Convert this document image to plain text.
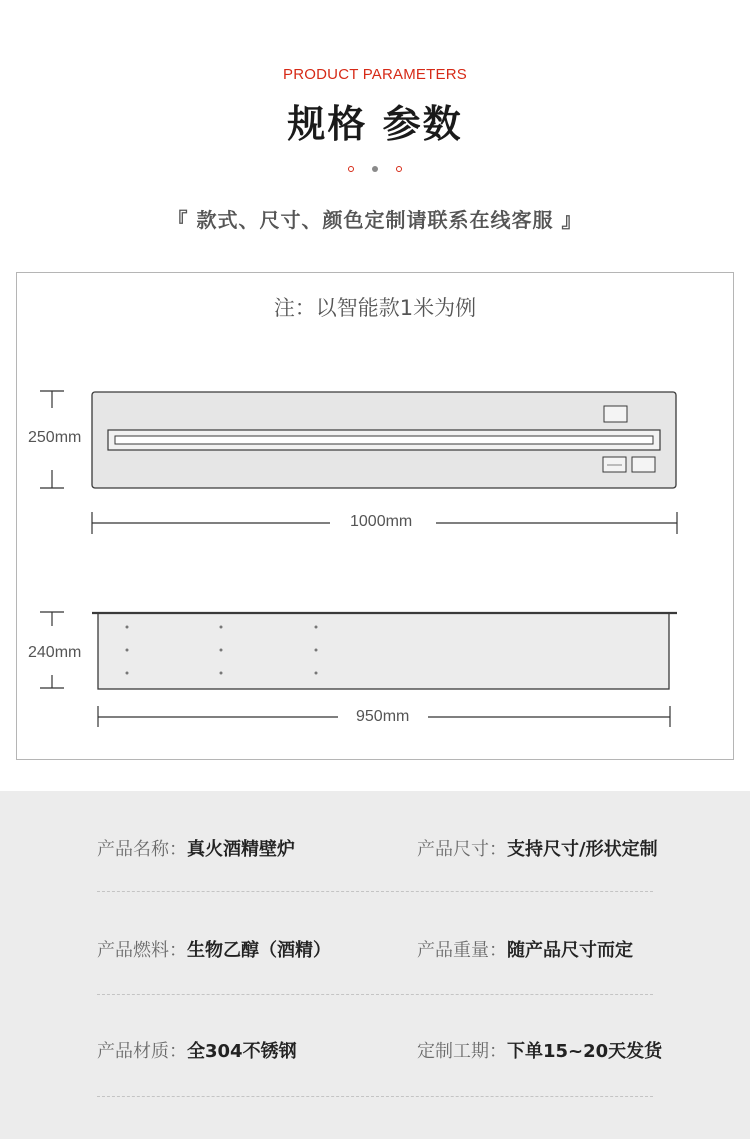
PRODUCT PARAMETERS
规格 参数
『 款式、尺寸、颜色定制请联系在线客服 』
注：以智能款1米为例
250mm
1000mm
240mm
950mm
产品名称：真火酒精壁炉	产品尺寸：支持尺寸/形状定制
产品燃料：生物乙醇（酒精）	产品重量：随产品尺寸而定
产品材质：全304不锈钢	定制工期：下单15~20天发货
